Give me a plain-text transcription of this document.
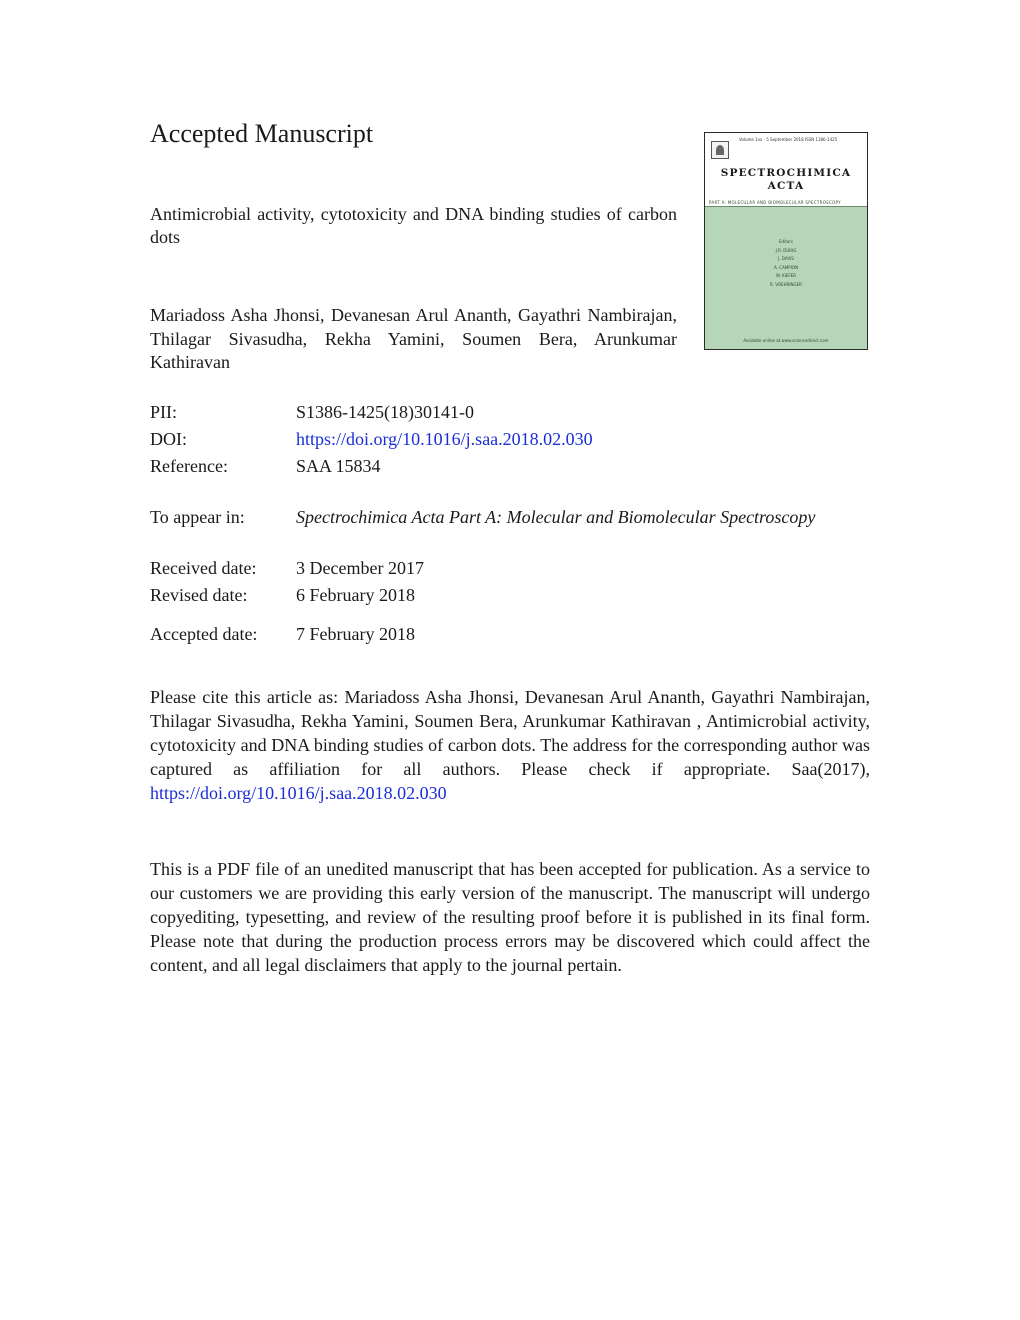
Accepted Manuscript

Antimicrobial activity, cytotoxicity and DNA binding studies of carbon dots

Mariadoss Asha Jhonsi, Devanesan Arul Ananth, Gayathri Nambirajan, Thilagar Sivasudha, Rekha Yamini, Soumen Bera, Arunkumar Kathiravan

Volume 1xx · 5 September 2018 ISSN 1386-1425
SPECTROCHIMICA ACTA
PART A: MOLECULAR AND BIOMOLECULAR SPECTROSCOPY
Editors
J.R. DURIG
J. DAVIS
A. CAMPION
W. KIEFER
R. VOEHRINGER
Available online at www.sciencedirect.com
PII:	S1386-1425(18)30141-0
DOI:	https://doi.org/10.1016/j.saa.2018.02.030
Reference:	SAA 15834
To appear in:	Spectrochimica Acta Part A: Molecular and Biomolecular Spectroscopy
Received date:	3 December 2017
Revised date:	6 February 2018
Accepted date:	7 February 2018

Please cite this article as: Mariadoss Asha Jhonsi, Devanesan Arul Ananth, Gayathri Nambirajan, Thilagar Sivasudha, Rekha Yamini, Soumen Bera, Arunkumar Kathiravan , Antimicrobial activity, cytotoxicity and DNA binding studies of carbon dots. The address for the corresponding author was captured as affiliation for all authors. Please check if appropriate. Saa(2017), https://doi.org/10.1016/j.saa.2018.02.030

This is a PDF file of an unedited manuscript that has been accepted for publication. As a service to our customers we are providing this early version of the manuscript. The manuscript will undergo copyediting, typesetting, and review of the resulting proof before it is published in its final form. Please note that during the production process errors may be discovered which could affect the content, and all legal disclaimers that apply to the journal pertain.
